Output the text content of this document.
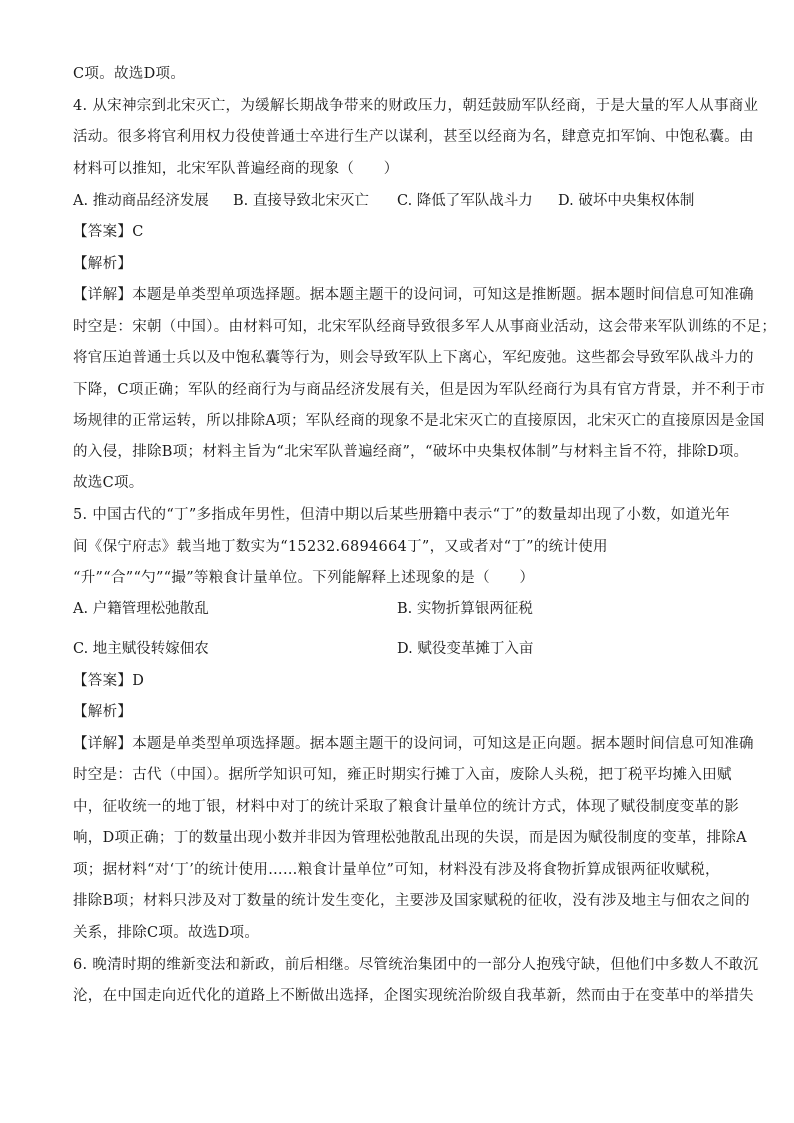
C项。故选D项。
4. 从宋神宗到北宋灭亡，为缓解长期战争带来的财政压力，朝廷鼓励军队经商，于是大量的军人从事商业
活动。很多将官利用权力役使普通士卒进行生产以谋利，甚至以经商为名，肆意克扣军饷、中饱私囊。由
材料可以推知，北宋军队普遍经商的现象（　　）
A. 推动商品经济发展 B. 直接导致北宋灭亡 C. 降低了军队战斗力 D. 破坏中央集权体制
【答案】C
【解析】
【详解】本题是单类型单项选择题。据本题主题干的设问词，可知这是推断题。据本题时间信息可知准确
时空是：宋朝（中国）。由材料可知，北宋军队经商导致很多军人从事商业活动，这会带来军队训练的不足；
将官压迫普通士兵以及中饱私囊等行为，则会导致军队上下离心，军纪废弛。这些都会导致军队战斗力的
下降，C项正确；军队的经商行为与商品经济发展有关，但是因为军队经商行为具有官方背景，并不利于市
场规律的正常运转，所以排除A项；军队经商的现象不是北宋灭亡的直接原因，北宋灭亡的直接原因是金国
的入侵，排除B项；材料主旨为“北宋军队普遍经商”，“破坏中央集权体制”与材料主旨不符，排除D项。
故选C项。
5. 中国古代的“丁”多指成年男性，但清中期以后某些册籍中表示“丁”的数量却出现了小数，如道光年
间《保宁府志》载当地丁数实为“15232.6894664丁”，又或者对“丁”的统计使用
“升”“合”“勺”“撮”等粮食计量单位。下列能解释上述现象的是（　　）
A. 户籍管理松弛散乱	B. 实物折算银两征税
C. 地主赋役转嫁佃农	D. 赋役变革摊丁入亩
【答案】D
【解析】
【详解】本题是单类型单项选择题。据本题主题干的设问词，可知这是正向题。据本题时间信息可知准确
时空是：古代（中国）。据所学知识可知，雍正时期实行摊丁入亩，废除人头税，把丁税平均摊入田赋
中，征收统一的地丁银，材料中对丁的统计采取了粮食计量单位的统计方式，体现了赋役制度变革的影
响，D项正确；丁的数量出现小数并非因为管理松弛散乱出现的失误，而是因为赋役制度的变革，排除A
项；据材料“对‘丁’的统计使用……粮食计量单位”可知，材料没有涉及将食物折算成银两征收赋税，
排除B项；材料只涉及对丁数量的统计发生变化，主要涉及国家赋税的征收，没有涉及地主与佃农之间的
关系，排除C项。故选D项。
6. 晚清时期的维新变法和新政，前后相继。尽管统治集团中的一部分人抱残守缺，但他们中多数人不敢沉
沦，在中国走向近代化的道路上不断做出选择，企图实现统治阶级自我革新，然而由于在变革中的举措失
